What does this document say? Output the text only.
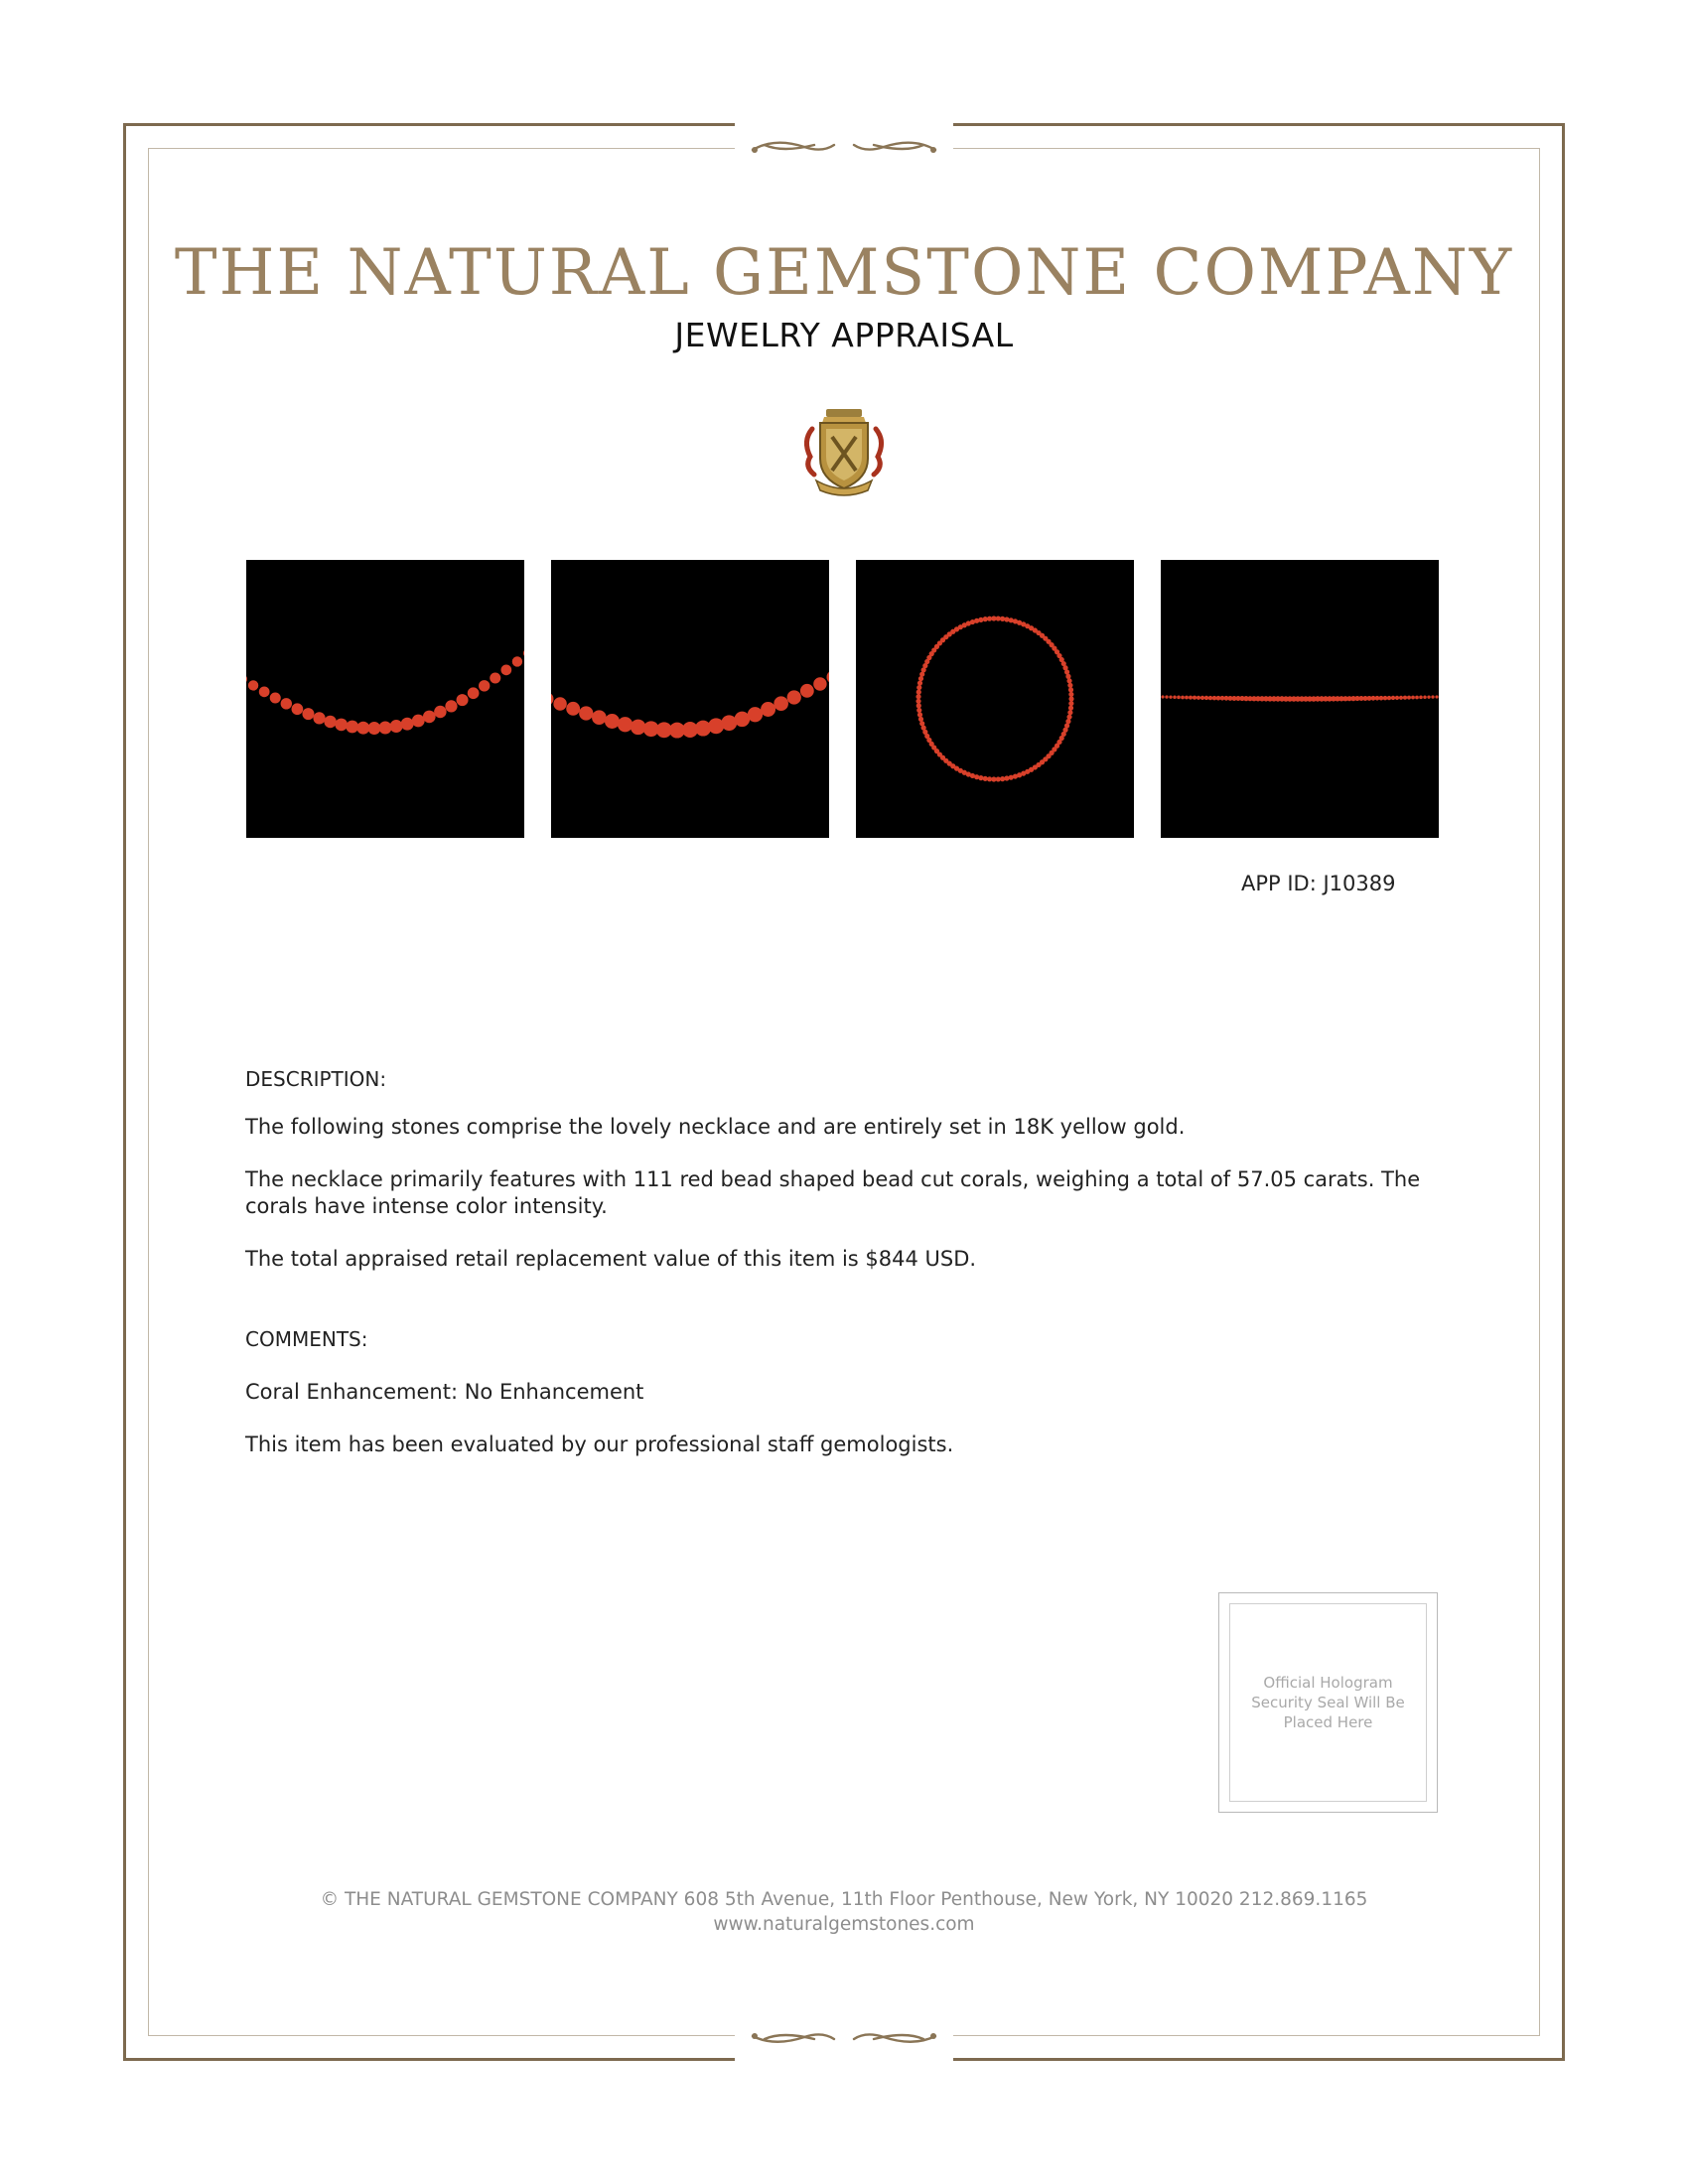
THE NATURAL GEMSTONE COMPANY
JEWELRY APPRAISAL
APP ID: J10389
DESCRIPTION:
The following stones comprise the lovely necklace and are entirely set in 18K yellow gold.
The necklace primarily features with 111 red bead shaped bead cut corals, weighing a total of 57.05 carats. The corals have intense color intensity.
The total appraised retail replacement value of this item is $844 USD.
COMMENTS:
Coral Enhancement: No Enhancement
This item has been evaluated by our professional staff gemologists.
Official Hologram Security Seal Will Be Placed Here
© THE NATURAL GEMSTONE COMPANY 608 5th Avenue, 11th Floor Penthouse, New York, NY 10020 212.869.1165
www.naturalgemstones.com
